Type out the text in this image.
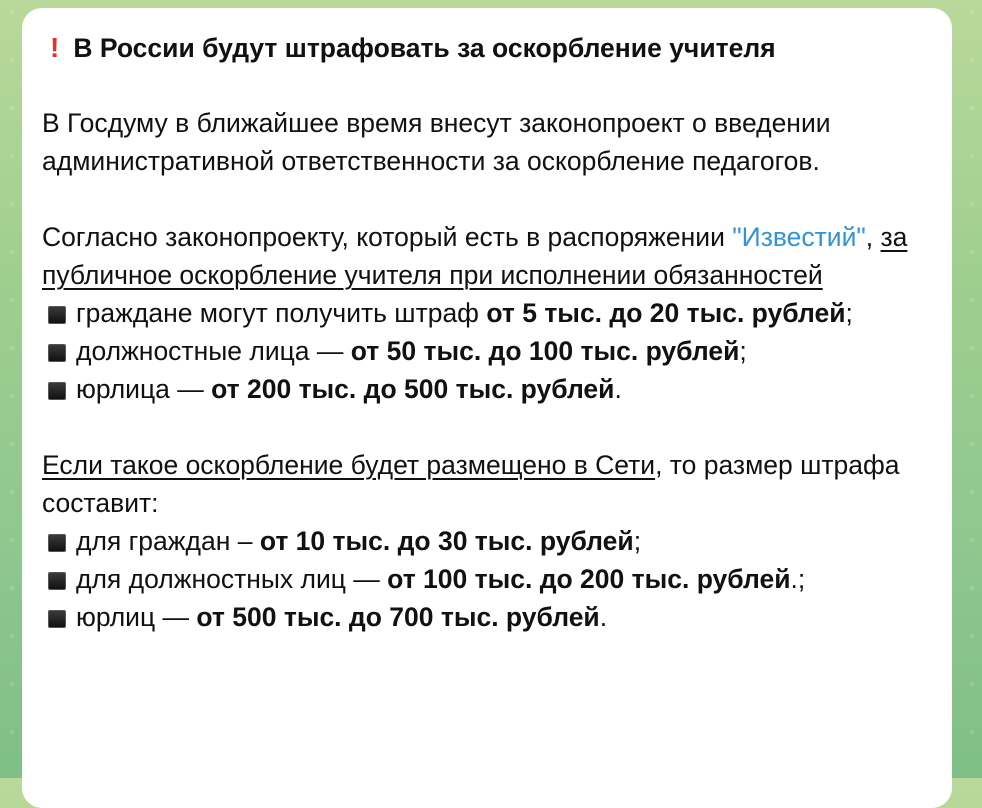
! В России будут штрафовать за оскорбление учителя

В Госдуму в ближайшее время внесут законопроект о введении административной ответственности за оскорбление педагогов.

Согласно законопроекту, который есть в распоряжении "Известий", за публичное оскорбление учителя при исполнении обязанностей

граждане могут получить штраф от 5 тыс. до 20 тыс. рублей;

должностные лица — от 50 тыс. до 100 тыс. рублей;

юрлица — от 200 тыс. до 500 тыс. рублей.

Если такое оскорбление будет размещено в Сети, то размер штрафа составит:

для граждан – от 10 тыс. до 30 тыс. рублей;

для должностных лиц — от 100 тыс. до 200 тыс. рублей.;

юрлиц — от 500 тыс. до 700 тыс. рублей.
